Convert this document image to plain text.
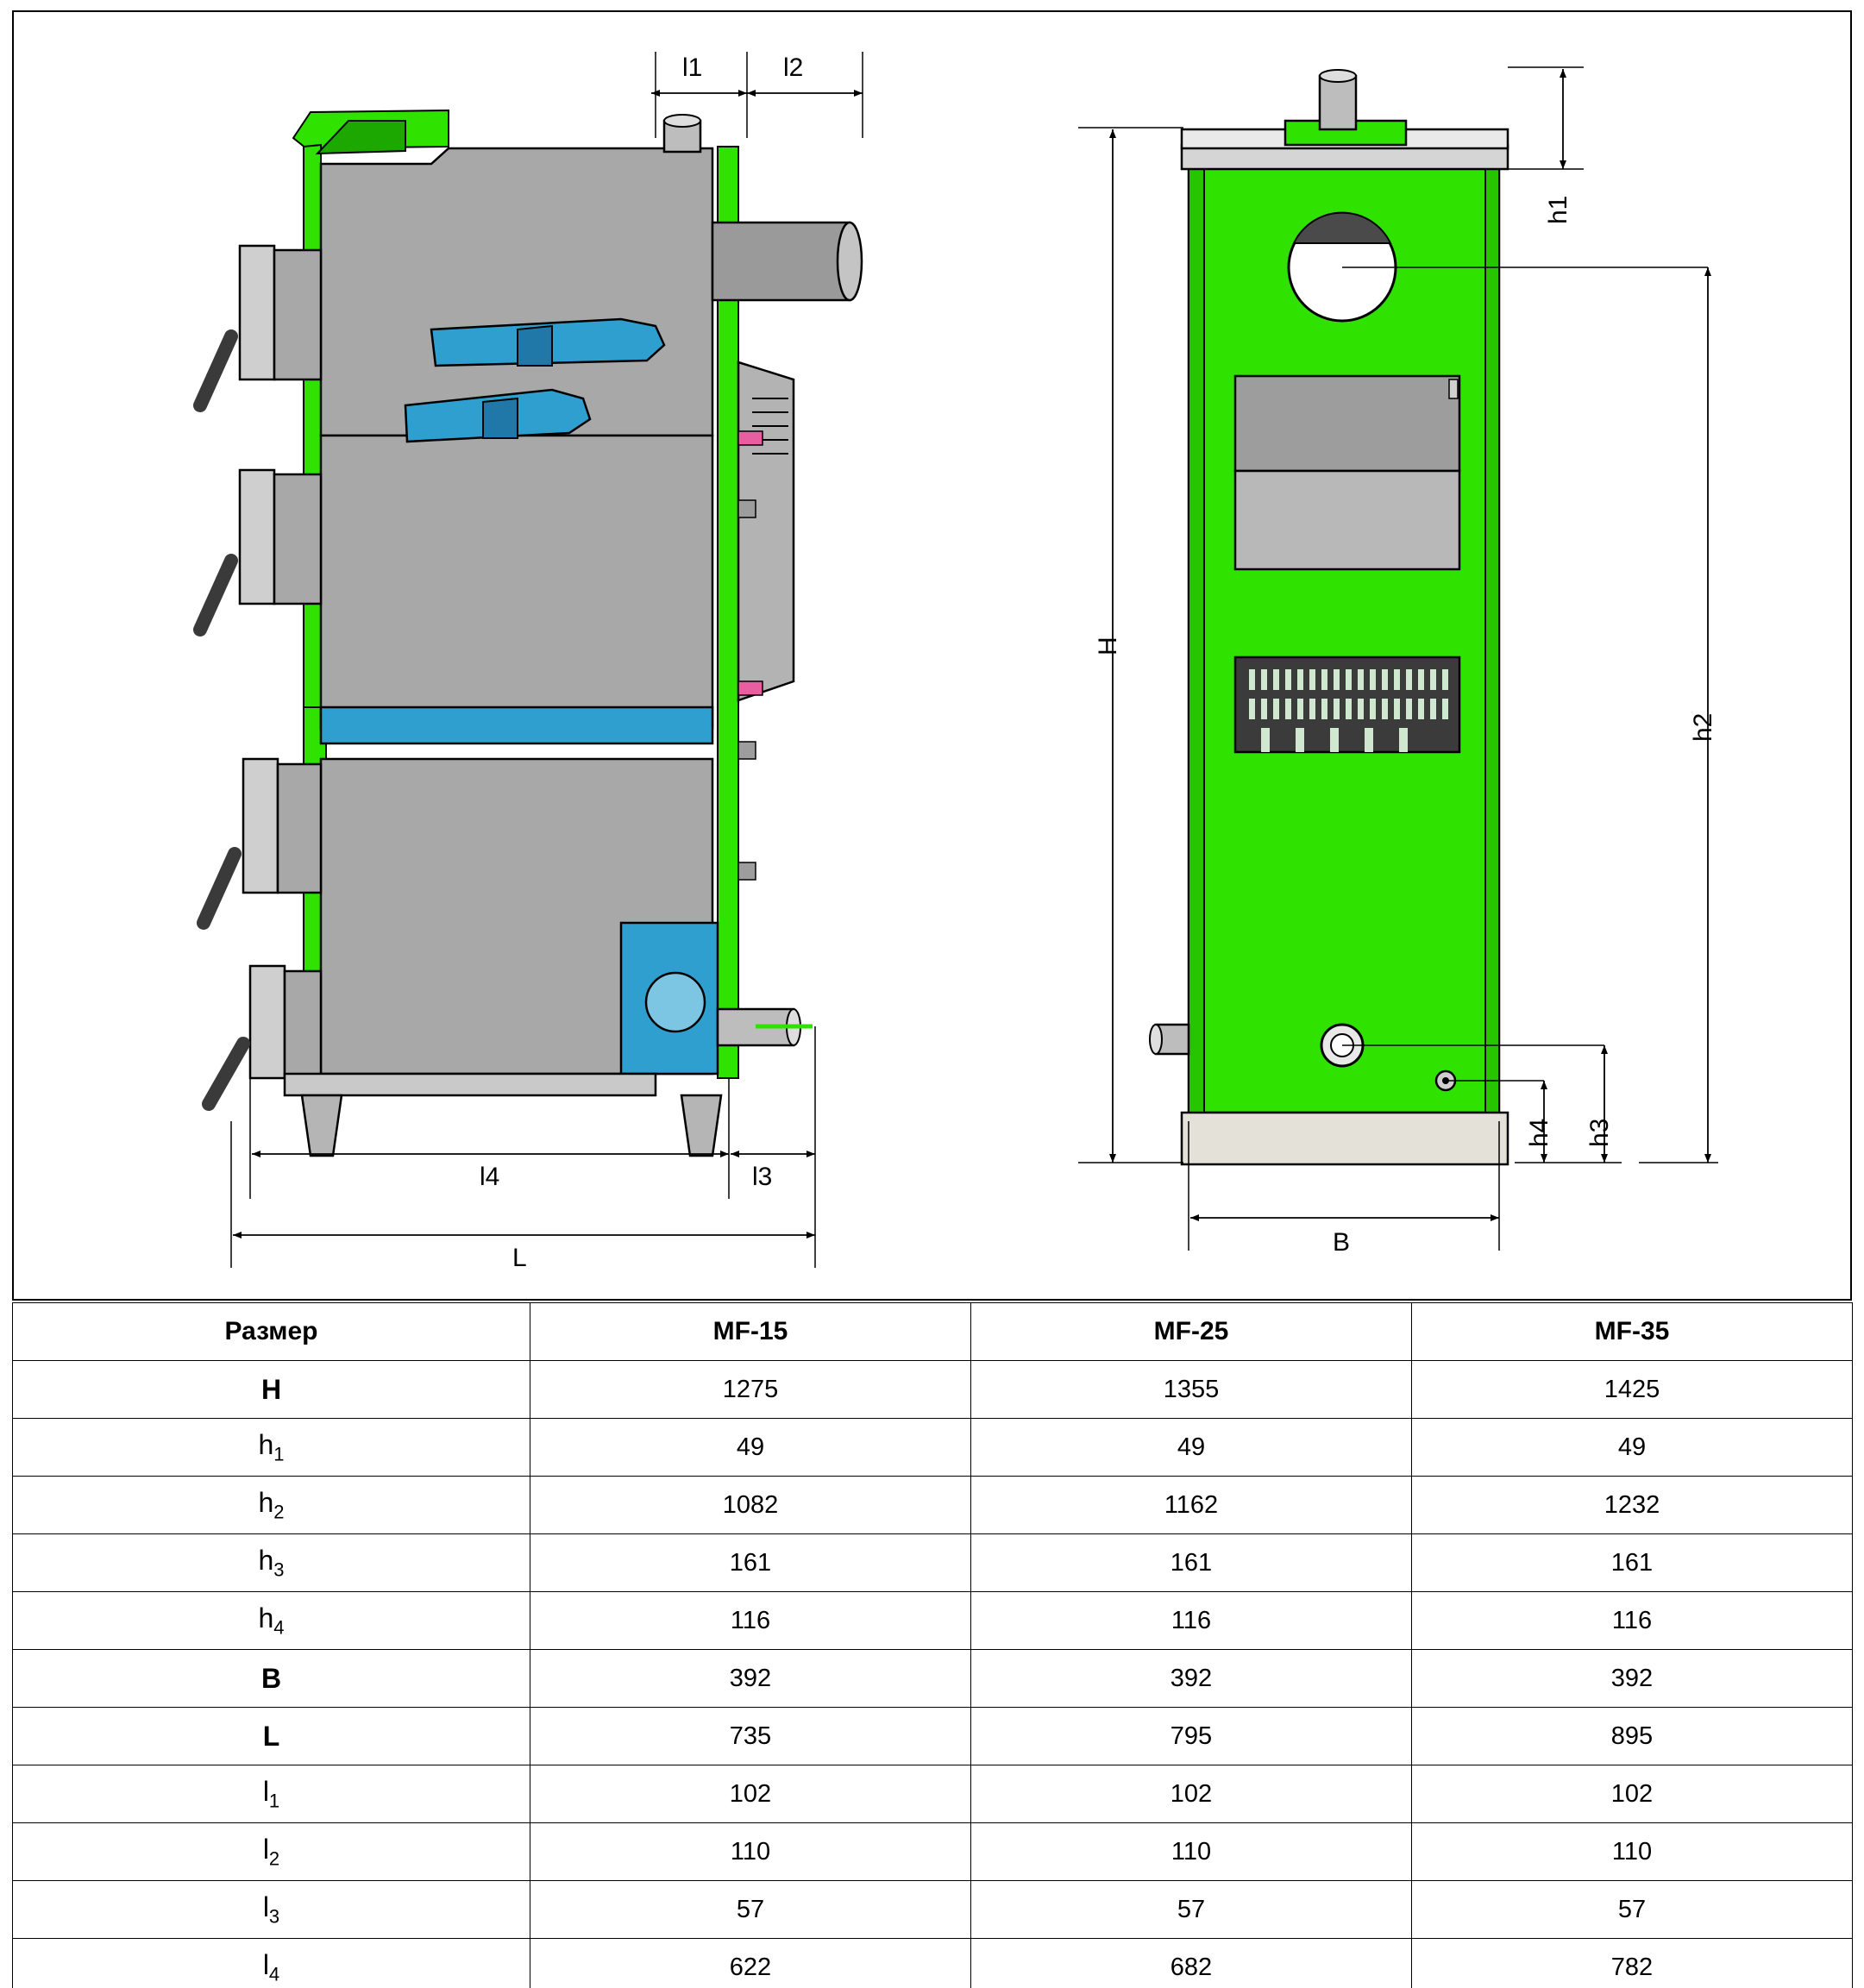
l1	l2
l3
l4
L
H
h1
h2
h3
h4
B
Размер	MF-15	MF-25	MF-35
H	1275	1355	1425
$h_1$	49	49	49
$h_2$	1082	1162	1232
$h_3$	161	161	161
$h_4$	116	116	116
B	392	392	392
L	735	795	895
$l_1$	102	102	102
$l_2$	110	110	110
$l_3$	57	57	57
$l_4$	622	682	782
